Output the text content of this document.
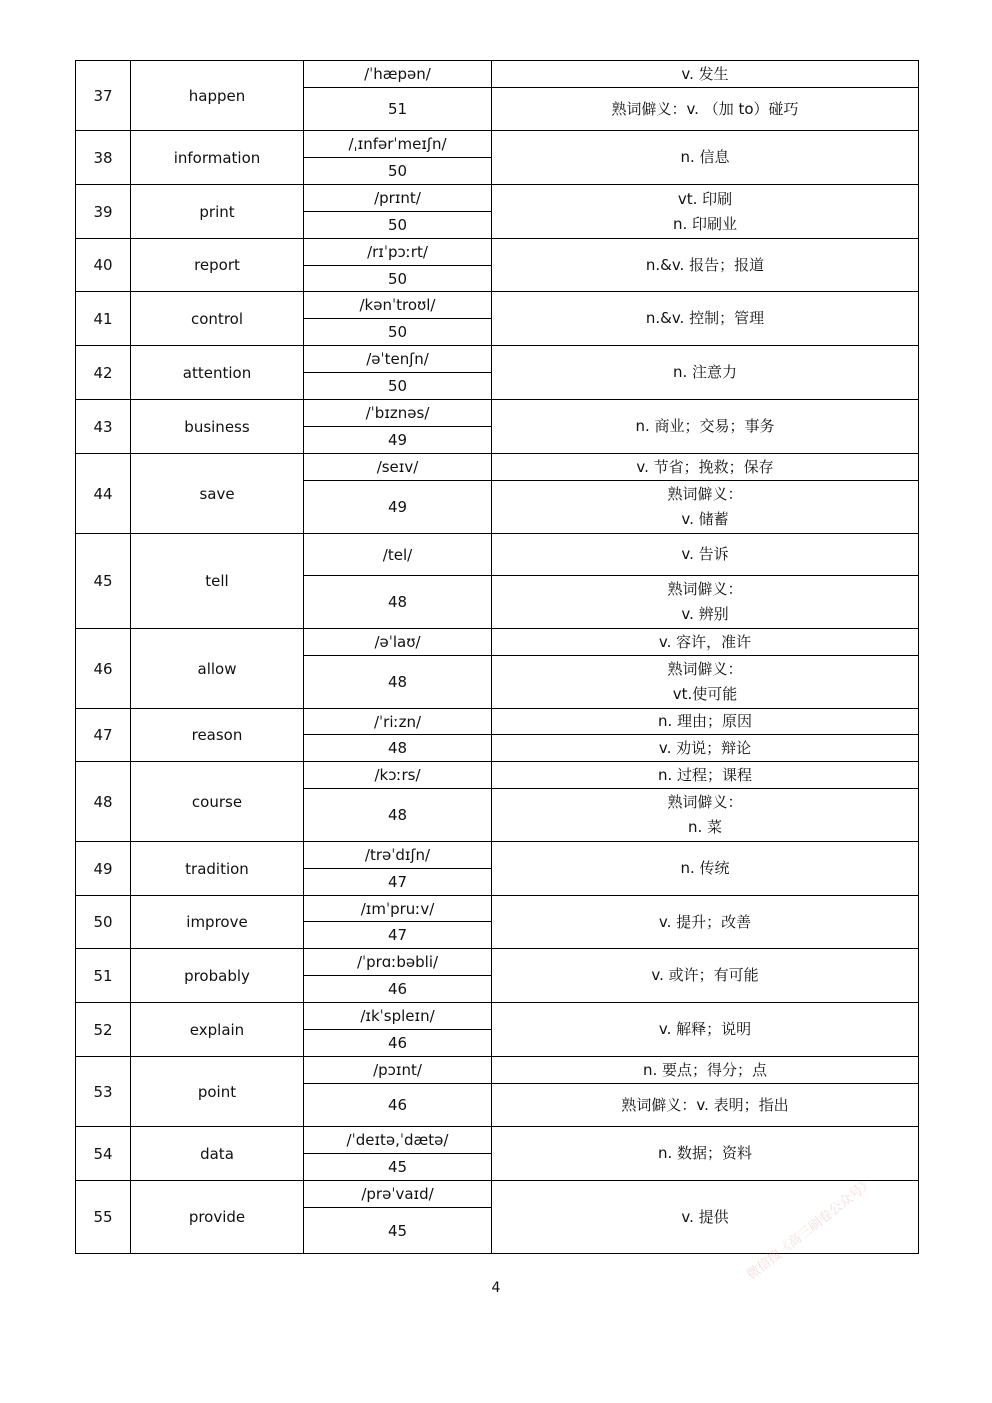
37	happen	/ˈhæpən/	v. 发生

		51	熟词僻义：v. （加 to）碰巧

38	information	/ˌɪnfərˈmeɪʃn/	n. 信息

		50	
39	print	/prɪnt/	vt. 印刷
n. 印刷业

		50	
40	report	/rɪˈpɔːrt/	n.&v. 报告；报道

		50	
41	control	/kənˈtroʊl/	n.&v. 控制；管理

		50	
42	attention	/əˈtenʃn/	n. 注意力

		50	
43	business	/ˈbɪznəs/	n. 商业；交易；事务

		49	
44	save	/seɪv/	v. 节省；挽救；保存

		49	熟词僻义：
v. 储蓄

45	tell	/tel/	v. 告诉

		48	熟词僻义：
v. 辨别

46	allow	/əˈlaʊ/	v. 容许，准许

		48	熟词僻义：
vt.使可能

47	reason	/ˈriːzn/	n. 理由；原因

		48	v. 劝说；辩论

48	course	/kɔːrs/	n. 过程；课程

		48	熟词僻义：
n. 菜

49	tradition	/trəˈdɪʃn/	n. 传统

		47	
50	improve	/ɪmˈpruːv/	v. 提升；改善

		47	
51	probably	/ˈprɑːbəbli/	v. 或许；有可能

		46	
52	explain	/ɪkˈspleɪn/	v. 解释；说明

		46	
53	point	/pɔɪnt/	n. 要点；得分；点

		46	熟词僻义：v. 表明；指出

54	data	/ˈdeɪtə,ˈdætə/	n. 数据；资料

		45	
55	provide	/prəˈvaɪd/	v. 提供

		45	
4
微信搜《高三刷卷公众号》
